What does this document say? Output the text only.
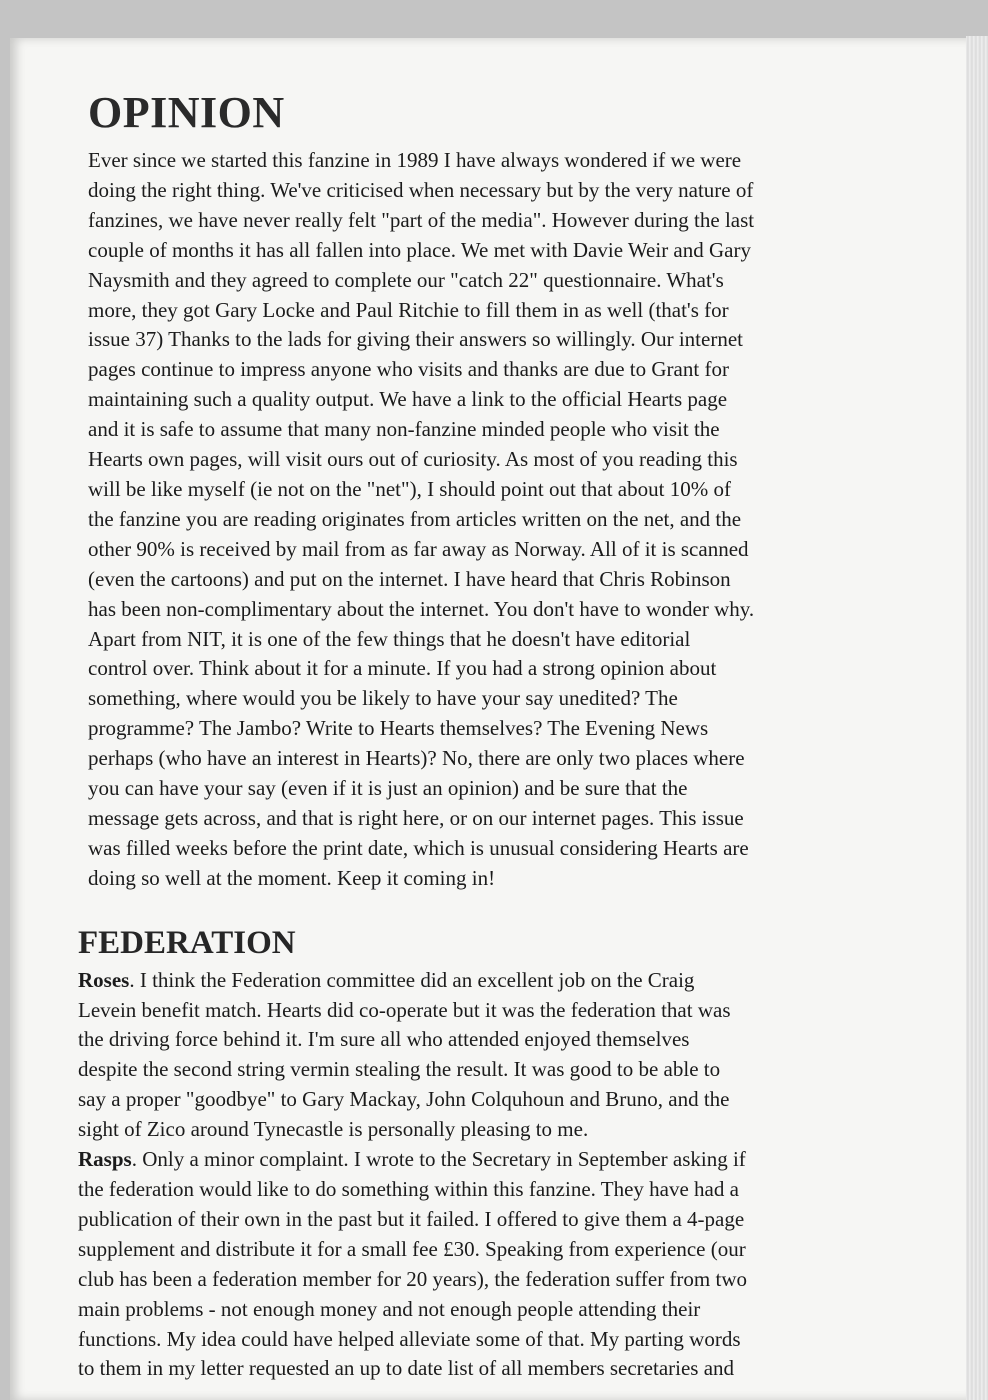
OPINION
Ever since we started this fanzine in 1989 I have always wondered if we were
doing the right thing. We've criticised when necessary but by the very nature of
fanzines, we have never really felt "part of the media". However during the last
couple of months it has all fallen into place. We met with Davie Weir and Gary
Naysmith and they agreed to complete our "catch 22" questionnaire. What's
more, they got Gary Locke and Paul Ritchie to fill them in as well (that's for
issue 37) Thanks to the lads for giving their answers so willingly. Our internet
pages continue to impress anyone who visits and thanks are due to Grant for
maintaining such a quality output. We have a link to the official Hearts page
and it is safe to assume that many non-fanzine minded people who visit the
Hearts own pages, will visit ours out of curiosity. As most of you reading this
will be like myself (ie not on the "net"), I should point out that about 10% of
the fanzine you are reading originates from articles written on the net, and the
other 90% is received by mail from as far away as Norway. All of it is scanned
(even the cartoons) and put on the internet. I have heard that Chris Robinson
has been non-complimentary about the internet. You don't have to wonder why.
Apart from NIT, it is one of the few things that he doesn't have editorial
control over. Think about it for a minute. If you had a strong opinion about
something, where would you be likely to have your say unedited? The
programme? The Jambo? Write to Hearts themselves? The Evening News
perhaps (who have an interest in Hearts)? No, there are only two places where
you can have your say (even if it is just an opinion) and be sure that the
message gets across, and that is right here, or on our internet pages. This issue
was filled weeks before the print date, which is unusual considering Hearts are
doing so well at the moment. Keep it coming in!
FEDERATION
Roses. I think the Federation committee did an excellent job on the Craig
Levein benefit match. Hearts did co-operate but it was the federation that was
the driving force behind it. I'm sure all who attended enjoyed themselves
despite the second string vermin stealing the result. It was good to be able to
say a proper "goodbye" to Gary Mackay, John Colquhoun and Bruno, and the
sight of Zico around Tynecastle is personally pleasing to me.
Rasps. Only a minor complaint. I wrote to the Secretary in September asking if
the federation would like to do something within this fanzine. They have had a
publication of their own in the past but it failed. I offered to give them a 4-page
supplement and distribute it for a small fee £30. Speaking from experience (our
club has been a federation member for 20 years), the federation suffer from two
main problems - not enough money and not enough people attending their
functions. My idea could have helped alleviate some of that. My parting words
to them in my letter requested an up to date list of all members secretaries and
